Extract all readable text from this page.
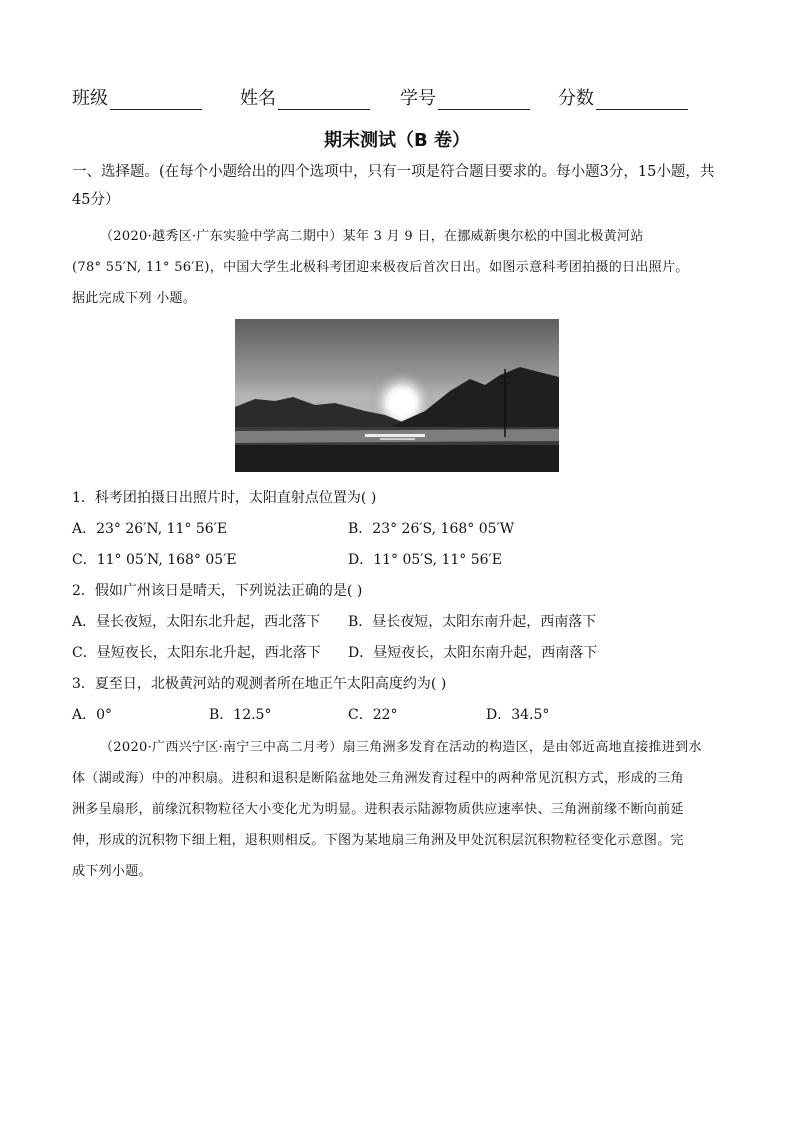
班级	姓名	学号	分数
期末测试（B 卷）
一、选择题。(在每个小题给出的四个选项中，只有一项是符合题目要求的。每小题3分，15小题，共45分）
（2020·越秀区·广东实验中学高二期中）某年 3 月 9 日，在挪威新奥尔松的中国北极黄河站
(78° 55′N, 11° 56′E)，中国大学生北极科考团迎来极夜后首次日出。如图示意科考团拍摄的日出照片。
据此完成下列 小题。
1．科考团拍摄日出照片时，太阳直射点位置为( )
A．23° 26′N, 11° 56′E	B．23° 26′S, 168° 05′W
C．11° 05′N, 168° 05′E	D．11° 05′S, 11° 56′E
2．假如广州该日是晴天，下列说法正确的是( )
A．昼长夜短，太阳东北升起，西北落下 B．昼长夜短，太阳东南升起，西南落下
C．昼短夜长，太阳东北升起，西北落下 D．昼短夜长，太阳东南升起，西南落下
3．夏至日，北极黄河站的观测者所在地正午太阳高度约为( )
A．0°	B．12.5°	C．22°	D．34.5°
（2020·广西兴宁区·南宁三中高二月考）扇三角洲多发育在活动的构造区，是由邻近高地直接推进到水
体（湖或海）中的冲积扇。进积和退积是断陷盆地处三角洲发育过程中的两种常见沉积方式，形成的三角
洲多呈扇形，前缘沉积物粒径大小变化尤为明显。进积表示陆源物质供应速率快、三角洲前缘不断向前延
伸，形成的沉积物下细上粗，退积则相反。下图为某地扇三角洲及甲处沉积层沉积物粒径变化示意图。完
成下列小题。
